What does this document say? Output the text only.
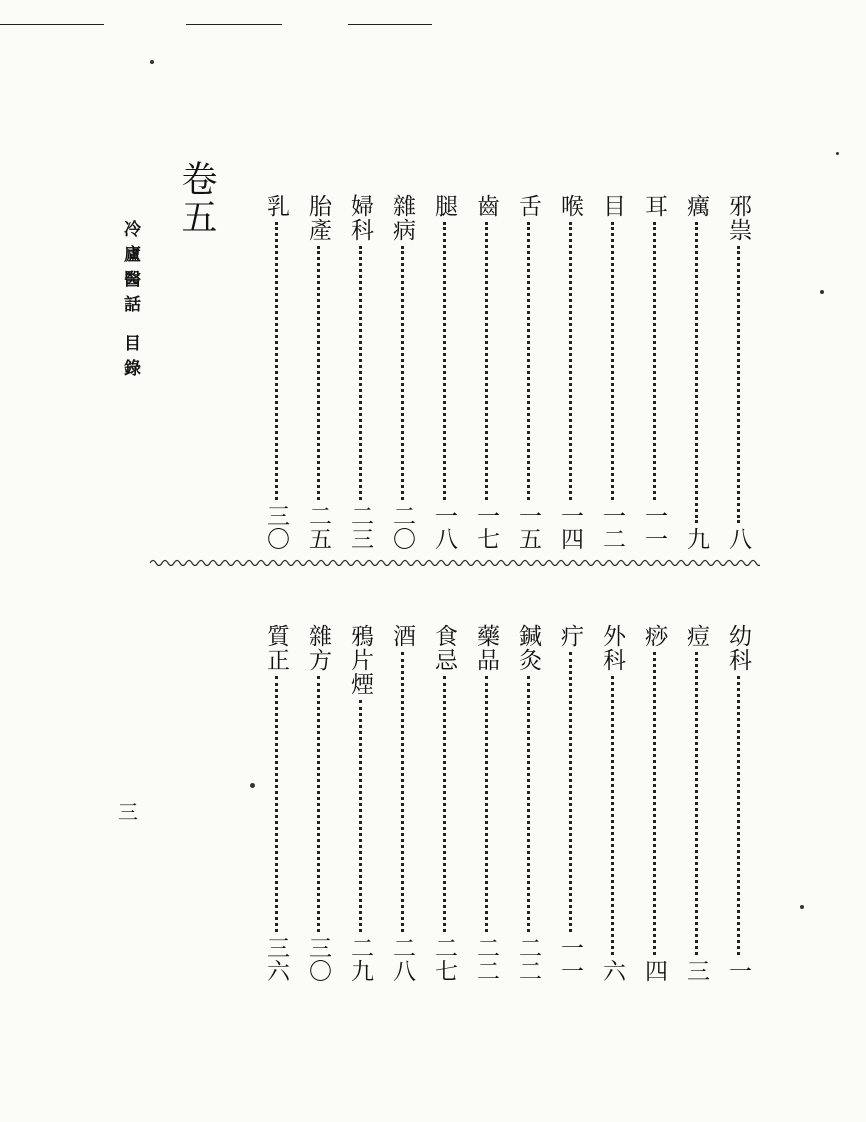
冷廬醫話目錄
三
卷五	邪祟
八
癘
九
耳
一一
目
一二
喉
一四
舌
一五
齒
一七
腿
一八
雜病
二〇
婦科
二三
胎產
二五
乳
三〇
幼科
一
痘
三
痧
四
外科
六
疔
一一
鍼灸
二二
藥品
二二
食忌
二七
酒
二八
鴉片煙
二九
雜方
三〇
質正
三六
